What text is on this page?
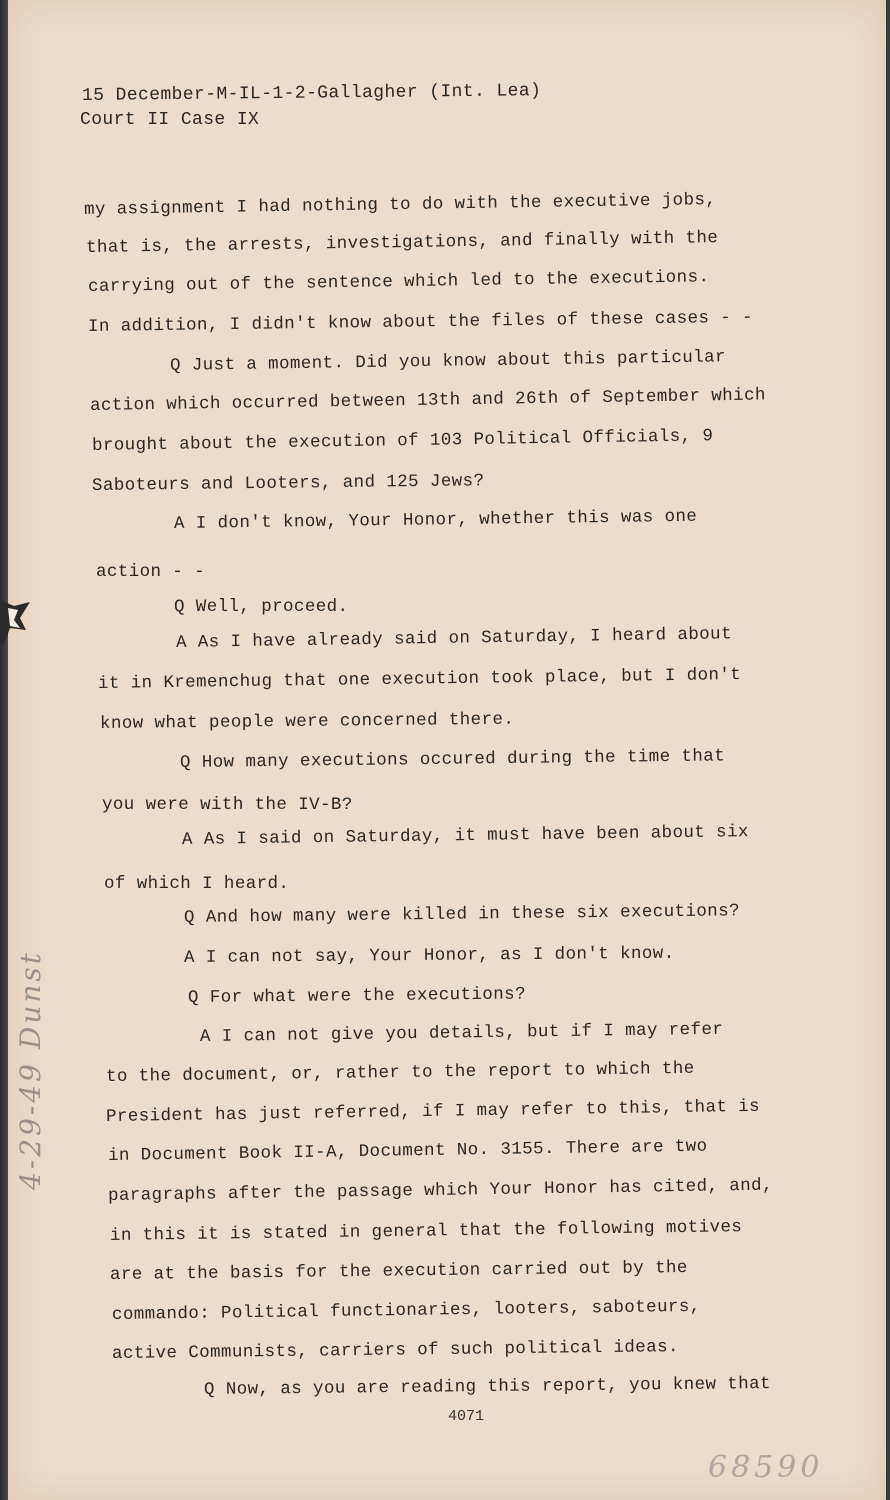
15 December-M-IL-1-2-Gallagher (Int. Lea)
Court II Case IX
my assignment I had nothing to do with the executive jobs,
that is, the arrests, investigations, and finally with the
carrying out of the sentence which led to the executions.
In addition, I didn't know about the files of these cases - -
Q Just a moment. Did you know about this particular
action which occurred between 13th and 26th of September which
brought about the execution of 103 Political Officials, 9
Saboteurs and Looters, and 125 Jews?
A I don't know, Your Honor, whether this was one
action - -
Q Well, proceed.
A As I have already said on Saturday, I heard about
it in Kremenchug that one execution took place, but I don't
know what people were concerned there.
Q How many executions occured during the time that
you were with the IV-B?
A As I said on Saturday, it must have been about six
of which I heard.
Q And how many were killed in these six executions?
A I can not say, Your Honor, as I don't know.
Q For what were the executions?
A I can not give you details, but if I may refer
to the document, or, rather to the report to which the
President has just referred, if I may refer to this, that is
in Document Book II-A, Document No. 3155. There are two
paragraphs after the passage which Your Honor has cited, and,
in this it is stated in general that the following motives
are at the basis for the execution carried out by the
commando: Political functionaries, looters, saboteurs,
active Communists, carriers of such political ideas.
Q Now, as you are reading this report, you knew that
4071
4-29-49 Dunst
68590
